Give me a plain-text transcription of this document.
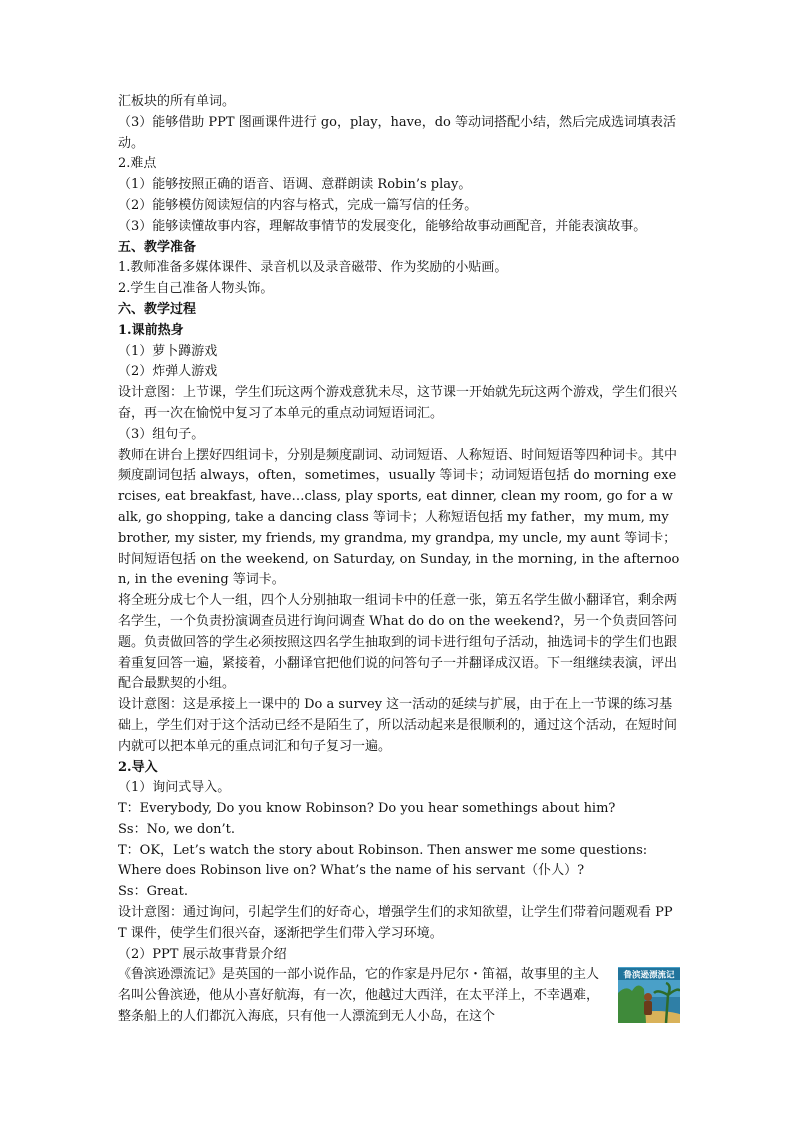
汇板块的所有单词。

（3）能够借助 PPT 图画课件进行 go，play，have，do 等动词搭配小结，然后完成选词填表活动。

2.难点

（1）能够按照正确的语音、语调、意群朗读 Robin’s play。

（2）能够模仿阅读短信的内容与格式，完成一篇写信的任务。

（3）能够读懂故事内容，理解故事情节的发展变化，能够给故事动画配音，并能表演故事。

五、教学准备

1.教师准备多媒体课件、录音机以及录音磁带、作为奖励的小贴画。

2.学生自己准备人物头饰。

六、教学过程

1.课前热身

（1）萝卜蹲游戏

（2）炸弹人游戏

设计意图：上节课，学生们玩这两个游戏意犹未尽，这节课一开始就先玩这两个游戏，学生们很兴奋，再一次在愉悦中复习了本单元的重点动词短语词汇。

（3）组句子。

教师在讲台上摆好四组词卡，分别是频度副词、动词短语、人称短语、时间短语等四种词卡。其中频度副词包括 always，often，sometimes，usually 等词卡；动词短语包括 do morning exercises, eat breakfast, have…class, play sports, eat dinner, clean my room, go for a walk, go shopping, take a dancing class 等词卡；人称短语包括 my father，my mum, my brother, my sister, my friends, my grandma, my grandpa, my uncle, my aunt 等词卡；时间短语包括 on the weekend, on Saturday, on Sunday, in the morning, in the afternoon, in the evening 等词卡。

将全班分成七个人一组，四个人分别抽取一组词卡中的任意一张，第五名学生做小翻译官，剩余两名学生，一个负责扮演调查员进行询问调查 What do do on the weekend?，另一个负责回答问题。负责做回答的学生必须按照这四名学生抽取到的词卡进行组句子活动，抽选词卡的学生们也跟着重复回答一遍，紧接着，小翻译官把他们说的问答句子一并翻译成汉语。下一组继续表演，评出配合最默契的小组。

设计意图：这是承接上一课中的 Do a survey 这一活动的延续与扩展，由于在上一节课的练习基础上，学生们对于这个活动已经不是陌生了，所以活动起来是很顺利的，通过这个活动，在短时间内就可以把本单元的重点词汇和句子复习一遍。

2.导入

（1）询问式导入。

T：Everybody, Do you know Robinson? Do you hear somethings about him?

Ss：No, we don’t.

T：OK，Let’s watch the story about Robinson. Then answer me some questions:

Where does Robinson live on? What’s the name of his servant（仆人）?

Ss：Great.

设计意图：通过询问，引起学生们的好奇心，增强学生们的求知欲望，让学生们带着问题观看 PPT 课件，使学生们很兴奋，逐渐把学生们带入学习环境。

（2）PPT 展示故事背景介绍

鲁滨逊漂流记
《鲁滨逊漂流记》是英国的一部小说作品，它的作家是丹尼尔・笛福，故事里的主人名叫公鲁滨逊，他从小喜好航海，有一次，他越过大西洋，在太平洋上，不幸遇难，整条船上的人们都沉入海底，只有他一人漂流到无人小岛，在这个
